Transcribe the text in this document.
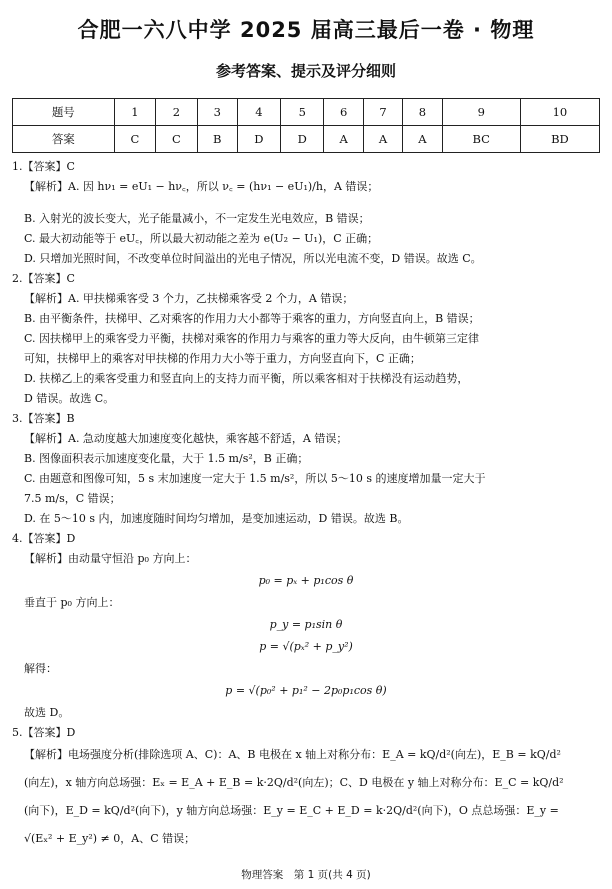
合肥一六八中学 2025 届高三最后一卷 · 物理
参考答案、提示及评分细则
题号	1	2	3	4	5	6	7	8	9	10
答案	C	C	B	D	D	A	A	A	BC	BD
1.【答案】C
【解析】A. 因 hν₁ = eU₁ − hν꜀，所以 ν꜀ = (hν₁ − eU₁)/h，A 错误；
B. 入射光的波长变大，光子能量减小，不一定发生光电效应，B 错误；
C. 最大初动能等于 eU꜀，所以最大初动能之差为 e(U₂ − U₁)，C 正确；
D. 只增加光照时间，不改变单位时间溢出的光电子情况，所以光电流不变，D 错误。故选 C。
2.【答案】C
【解析】A. 甲扶梯乘客受 3 个力，乙扶梯乘客受 2 个力，A 错误；
B. 由平衡条件，扶梯甲、乙对乘客的作用力大小都等于乘客的重力，方向竖直向上，B 错误；
C. 因扶梯甲上的乘客受力平衡，扶梯对乘客的作用力与乘客的重力等大反向，由牛顿第三定律
可知，扶梯甲上的乘客对甲扶梯的作用力大小等于重力，方向竖直向下，C 正确；
D. 扶梯乙上的乘客受重力和竖直向上的支持力而平衡，所以乘客相对于扶梯没有运动趋势，
D 错误。故选 C。
3.【答案】B
【解析】A. 急动度越大加速度变化越快，乘客越不舒适，A 错误；
B. 图像面积表示加速度变化量，大于 1.5 m/s²，B 正确；
C. 由题意和图像可知，5 s 末加速度一定大于 1.5 m/s²，所以 5～10 s 的速度增加量一定大于
7.5 m/s，C 错误；
D. 在 5～10 s 内，加速度随时间均匀增加，是变加速运动，D 错误。故选 B。
4.【答案】D
【解析】由动量守恒沿 p₀ 方向上：
p₀ = pₓ + p₁cos θ
垂直于 p₀ 方向上：
p_y = p₁sin θ
p = √(pₓ² + p_y²)
解得：
p = √(p₀² + p₁² − 2p₀p₁cos θ)
故选 D。
5.【答案】D
【解析】电场强度分析(排除选项 A、C)：A、B 电极在 x 轴上对称分布：E_A = kQ/d²(向左)，E_B = kQ/d²
(向左)，x 轴方向总场强：Eₓ = E_A + E_B = k·2Q/d²(向左)；C、D 电极在 y 轴上对称分布：E_C = kQ/d²
(向下)，E_D = kQ/d²(向下)，y 轴方向总场强：E_y = E_C + E_D = k·2Q/d²(向下)，O 点总场强：E_y =
√(Eₓ² + E_y²) ≠ 0，A、C 错误；
物理答案　第 1 页(共 4 页)
